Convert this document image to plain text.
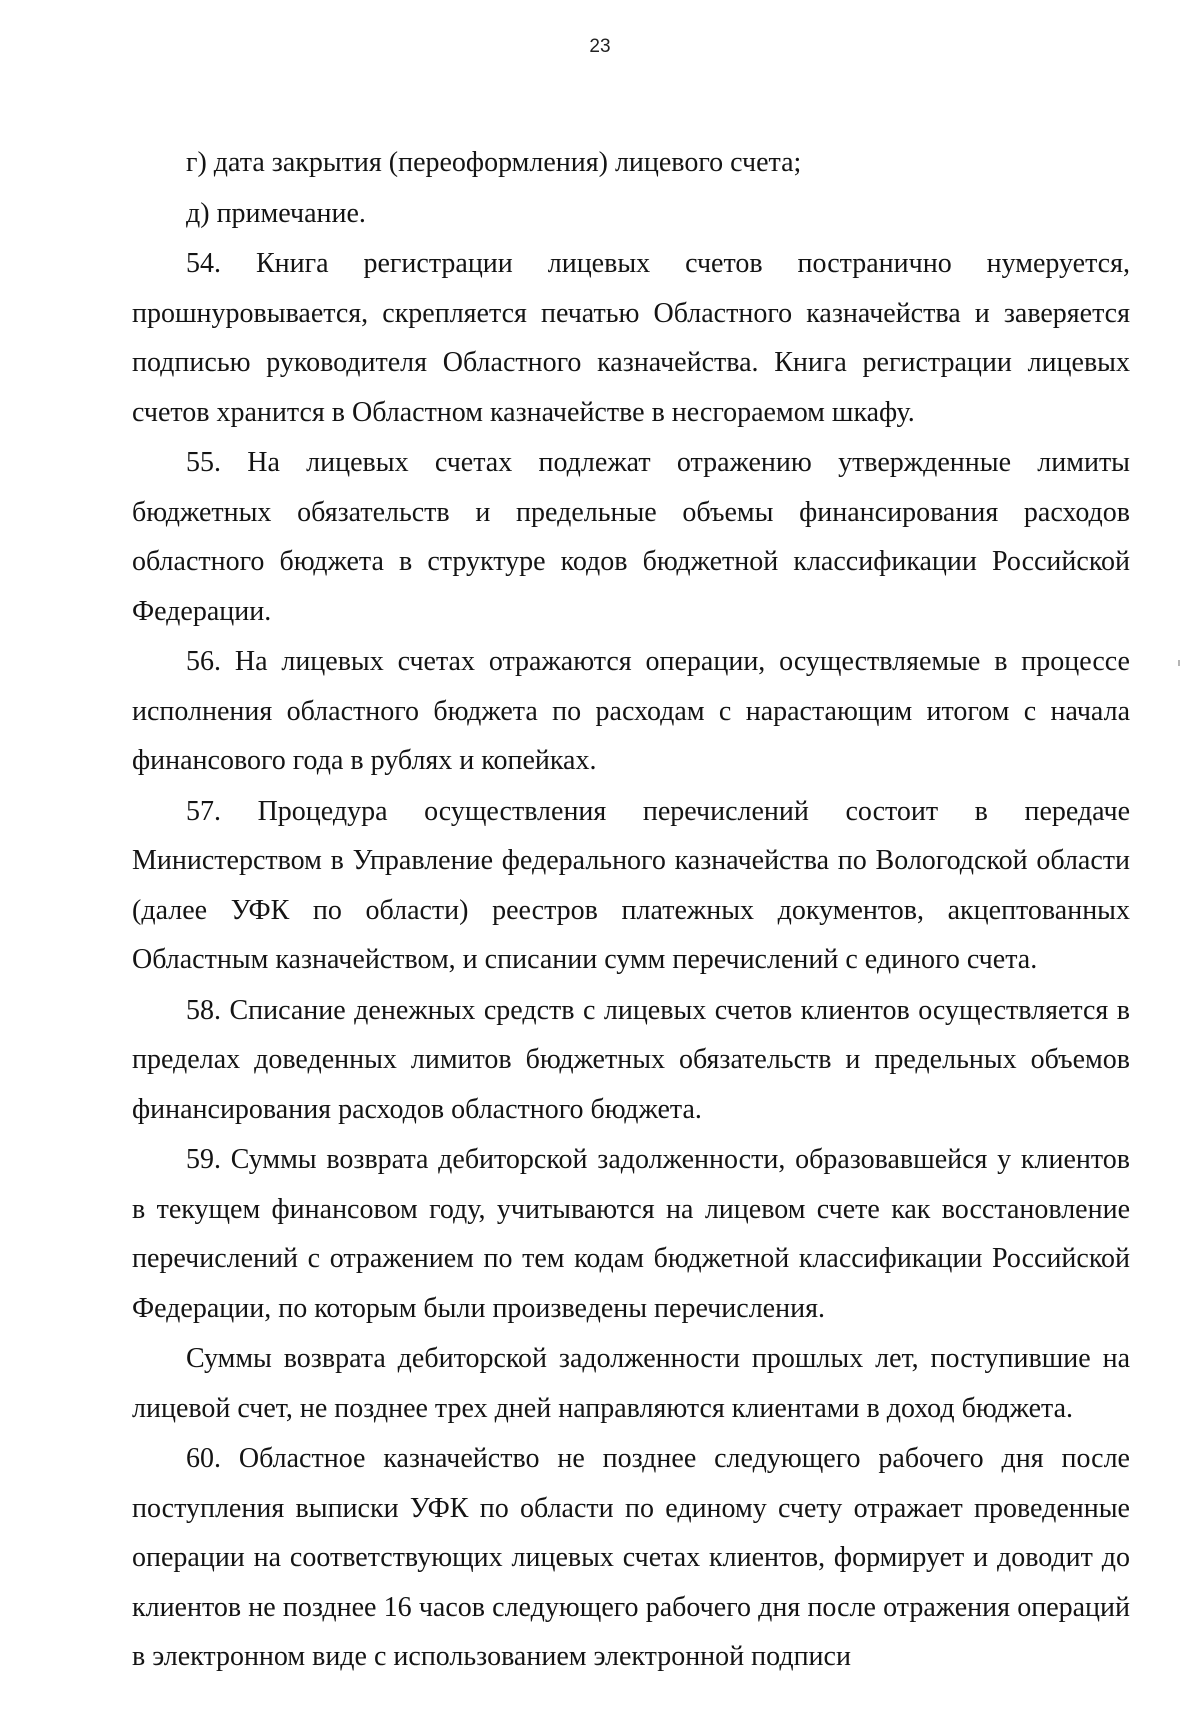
23

г) дата закрытия (переоформления) лицевого счета;

д) примечание.

54. Книга регистрации лицевых счетов постранично нумеруется, прошнуровывается, скрепляется печатью Областного казначейства и заверяется подписью руководителя Областного казначейства. Книга регистрации лицевых счетов хранится в Областном казначействе в несгораемом шкафу.

55. На лицевых счетах подлежат отражению утвержденные лимиты бюджетных обязательств и предельные объемы финансирования расходов областного бюджета в структуре кодов бюджетной классификации Российской Федерации.

56. На лицевых счетах отражаются операции, осуществляемые в процессе исполнения областного бюджета по расходам с нарастающим итогом с начала финансового года в рублях и копейках.

57. Процедура осуществления перечислений состоит в передаче Министерством в Управление федерального казначейства по Вологодской области (далее УФК по области) реестров платежных документов, акцептованных Областным казначейством, и списании сумм перечислений с единого счета.

58. Списание денежных средств с лицевых счетов клиентов осуществляется в пределах доведенных лимитов бюджетных обязательств и предельных объемов финансирования расходов областного бюджета.

59. Суммы возврата дебиторской задолженности, образовавшейся у клиентов в текущем финансовом году, учитываются на лицевом счете как восстановление перечислений с отражением по тем кодам бюджетной классификации Российской Федерации, по которым были произведены перечисления.

Суммы возврата дебиторской задолженности прошлых лет, поступившие на лицевой счет, не позднее трех дней направляются клиентами в доход бюджета.

60. Областное казначейство не позднее следующего рабочего дня после поступления выписки УФК по области по единому счету отражает проведенные операции на соответствующих лицевых счетах клиентов, формирует и доводит до клиентов не позднее 16 часов следующего рабочего дня после отражения операций в электронном виде с использованием электронной подписи
